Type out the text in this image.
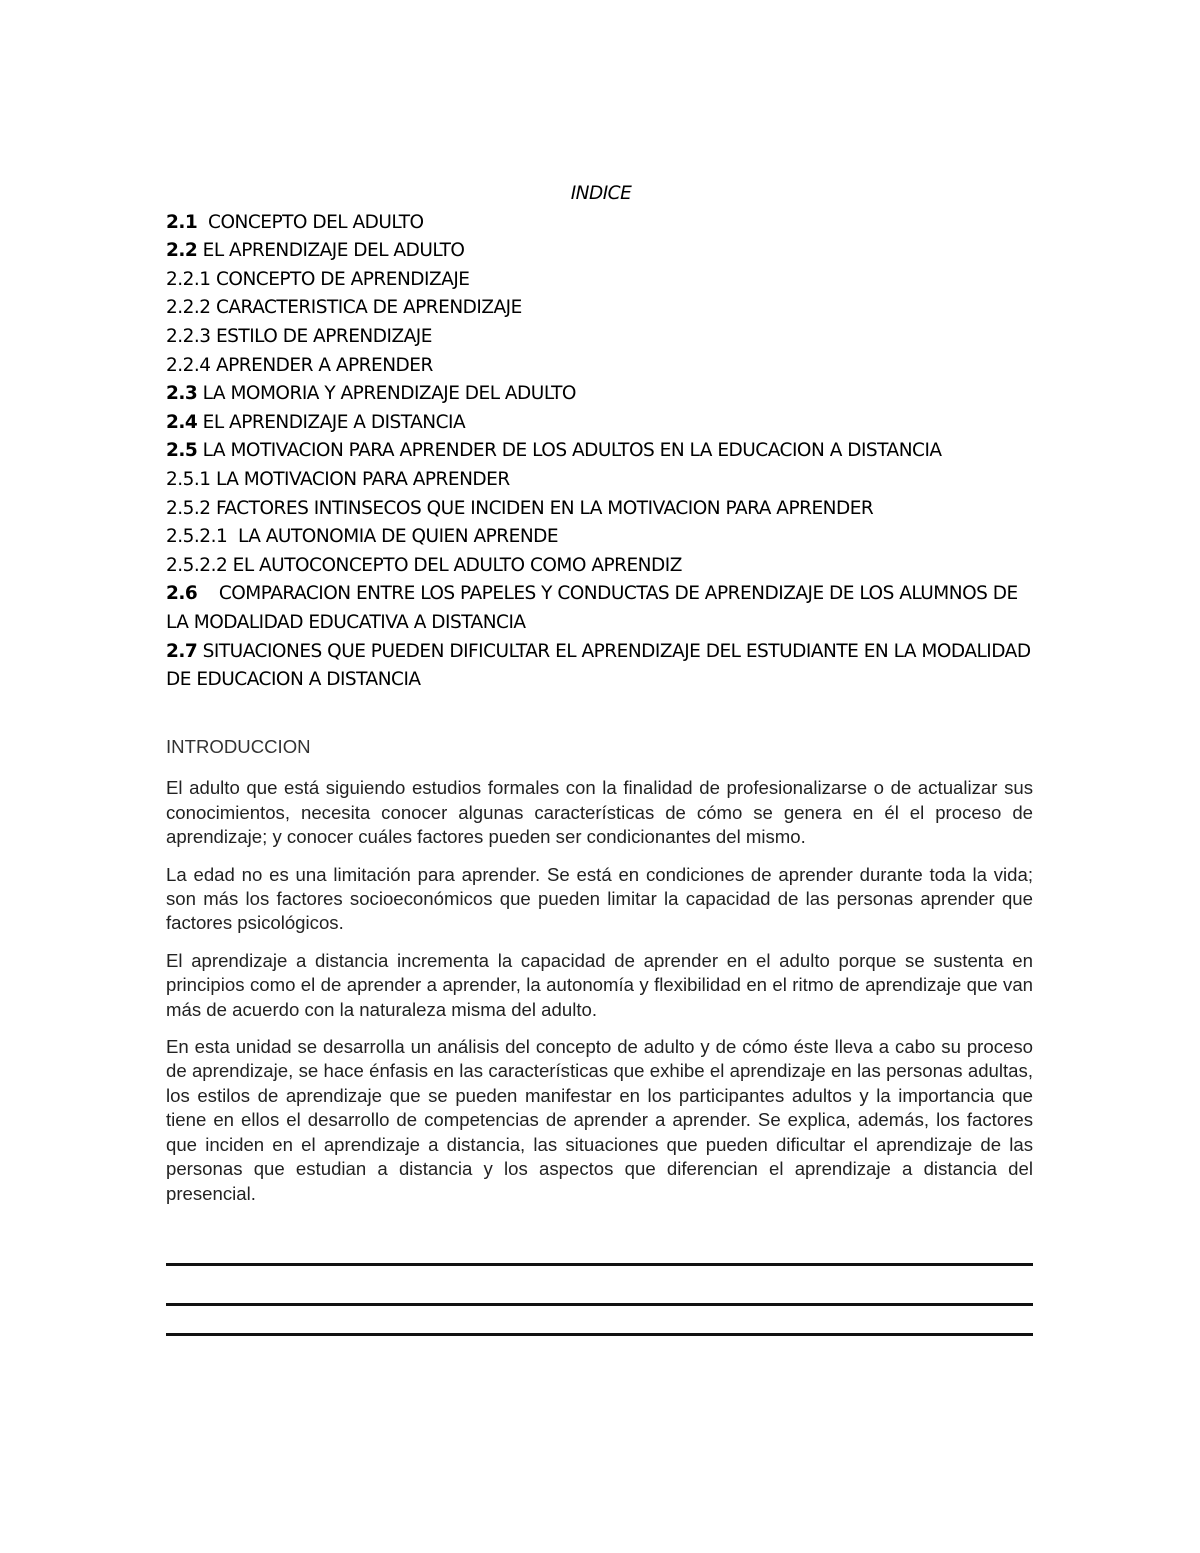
INDICE
2.1 CONCEPTO DEL ADULTO
2.2 EL APRENDIZAJE DEL ADULTO
2.2.1 CONCEPTO DE APRENDIZAJE
2.2.2 CARACTERISTICA DE APRENDIZAJE
2.2.3 ESTILO DE APRENDIZAJE
2.2.4 APRENDER A APRENDER
2.3 LA MOMORIA Y APRENDIZAJE DEL ADULTO
2.4 EL APRENDIZAJE A DISTANCIA
2.5 LA MOTIVACION PARA APRENDER DE LOS ADULTOS EN LA EDUCACION A DISTANCIA
2.5.1 LA MOTIVACION PARA APRENDER
2.5.2 FACTORES INTINSECOS QUE INCIDEN EN LA MOTIVACION PARA APRENDER
2.5.2.1 LA AUTONOMIA DE QUIEN APRENDE
2.5.2.2 EL AUTOCONCEPTO DEL ADULTO COMO APRENDIZ
2.6 COMPARACION ENTRE LOS PAPELES Y CONDUCTAS DE APRENDIZAJE DE LOS ALUMNOS DE LA MODALIDAD EDUCATIVA A DISTANCIA
2.7 SITUACIONES QUE PUEDEN DIFICULTAR EL APRENDIZAJE DEL ESTUDIANTE EN LA MODALIDAD DE EDUCACION A DISTANCIA
INTRODUCCION

El adulto que está siguiendo estudios formales con la finalidad de profesionalizarse o de actualizar sus conocimientos, necesita conocer algunas características de cómo se genera en él el proceso de aprendizaje; y conocer cuáles factores pueden ser condicionantes del mismo.

La edad no es una limitación para aprender. Se está en condiciones de aprender durante toda la vida; son más los factores socioeconómicos que pueden limitar la capacidad de las personas aprender que factores psicológicos.

El aprendizaje a distancia incrementa la capacidad de aprender en el adulto porque se sustenta en principios como el de aprender a aprender, la autonomía y flexibilidad en el ritmo de aprendizaje que van más de acuerdo con la naturaleza misma del adulto.

En esta unidad se desarrolla un análisis del concepto de adulto y de cómo éste lleva a cabo su proceso de aprendizaje, se hace énfasis en las características que exhibe el aprendizaje en las personas adultas, los estilos de aprendizaje que se pueden manifestar en los participantes adultos y la importancia que tiene en ellos el desarrollo de competencias de aprender a aprender. Se explica, además, los factores que inciden en el aprendizaje a distancia, las situaciones que pueden dificultar el aprendizaje de las personas que estudian a distancia y los aspectos que diferencian el aprendizaje a distancia del presencial.
